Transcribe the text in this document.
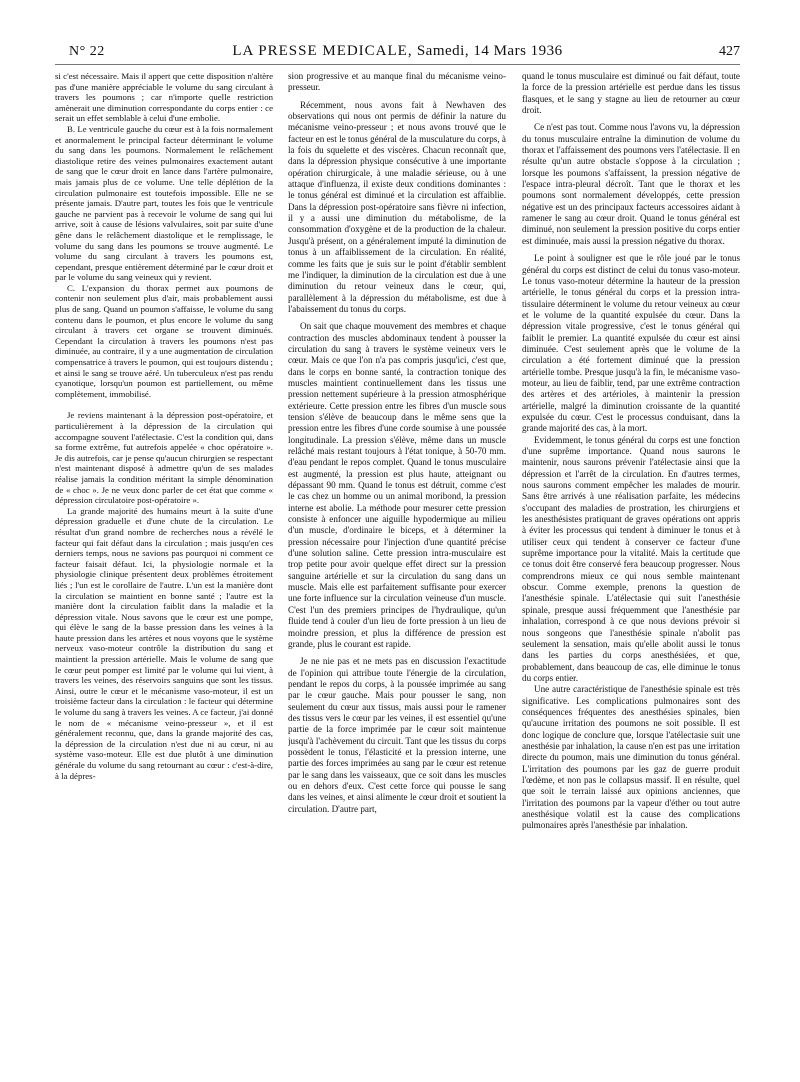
N° 22	LA PRESSE MEDICALE, Samedi, 14 Mars 1936	427

si c'est nécessaire. Mais il appert que cette disposition n'altère pas d'une manière appréciable le volume du sang circulant à travers les poumons ; car n'importe quelle restriction amènerait une diminution correspondante du corps entier : ce serait un effet semblable à celui d'une embolie.

B. Le ventricule gauche du cœur est à la fois normalement et anormalement le principal facteur déterminant le volume du sang dans les poumons. Normalement le relâchement diastolique retire des veines pulmonaires exactement autant de sang que le cœur droit en lance dans l'artère pulmonaire, mais jamais plus de ce volume. Une telle déplétion de la circulation pulmonaire est toutefois impossible. Elle ne se présente jamais. D'autre part, toutes les fois que le ventricule gauche ne parvient pas à recevoir le volume de sang qui lui arrive, soit à cause de lésions valvulaires, soit par suite d'une gêne dans le relâchement diastolique et le remplissage, le volume du sang dans les poumons se trouve augmenté. Le volume du sang circulant à travers les poumons est, cependant, presque entièrement déterminé par le cœur droit et par le volume du sang veineux qui y revient.

C. L'expansion du thorax permet aux poumons de contenir non seulement plus d'air, mais probablement aussi plus de sang. Quand un poumon s'affaisse, le volume du sang contenu dans le poumon, et plus encore le volume du sang circulant à travers cet organe se trouvent diminués. Cependant la circulation à travers les poumons n'est pas diminuée, au contraire, il y a une augmentation de circulation compensatrice à travers le poumon, qui est toujours distendu ; et ainsi le sang se trouve aéré. Un tuberculeux n'est pas rendu cyanotique, lorsqu'un poumon est partiellement, ou même complètement, immobilisé.

Je reviens maintenant à la dépression post-opératoire, et particulièrement à la dépression de la circulation qui accompagne souvent l'atélectasie. C'est la condition qui, dans sa forme extrême, fut autrefois appelée « choc opératoire ». Je dis autrefois, car je pense qu'aucun chirurgien se respectant n'est maintenant disposé à admettre qu'un de ses malades réalise jamais la condition méritant la simple dénomination de « choc ». Je ne veux donc parler de cet état que comme « dépression circulatoire post-opératoire ».

La grande majorité des humains meurt à la suite d'une dépression graduelle et d'une chute de la circulation. Le résultat d'un grand nombre de recherches nous a révélé le facteur qui fait défaut dans la circulation ; mais jusqu'en ces derniers temps, nous ne savions pas pourquoi ni comment ce facteur faisait défaut. Ici, la physiologie normale et la physiologie clinique présentent deux problèmes étroitement liés ; l'un est le corollaire de l'autre. L'un est la manière dont la circulation se maintient en bonne santé ; l'autre est la manière dont la circulation faiblit dans la maladie et la dépression vitale. Nous savons que le cœur est une pompe, qui élève le sang de la basse pression dans les veines à la haute pression dans les artères et nous voyons que le système nerveux vaso-moteur contrôle la distribution du sang et maintient la pression artérielle. Mais le volume de sang que le cœur peut pomper est limité par le volume qui lui vient, à travers les veines, des réservoirs sanguins que sont les tissus. Ainsi, outre le cœur et le mécanisme vaso-moteur, il est un troisième facteur dans la circulation : le facteur qui détermine le volume du sang à travers les veines. A ce facteur, j'ai donné le nom de « mécanisme veino-presseur », et il est généralement reconnu, que, dans la grande majorité des cas, la dépression de la circulation n'est due ni au cœur, ni au système vaso-moteur. Elle est due plutôt à une diminution générale du volume du sang retournant au cœur : c'est-à-dire, à la dépres-

sion progressive et au manque final du mécanisme veino-presseur.

Récemment, nous avons fait à Newhaven des observations qui nous ont permis de définir la nature du mécanisme veino-presseur ; et nous avons trouvé que le facteur en est le tonus général de la musculature du corps, à la fois du squelette et des viscères. Chacun reconnaît que, dans la dépression physique consécutive à une importante opération chirurgicale, à une maladie sérieuse, ou à une attaque d'influenza, il existe deux conditions dominantes : le tonus général est diminué et la circulation est affaiblie. Dans la dépression post-opératoire sans fièvre ni infection, il y a aussi une diminution du métabolisme, de la consommation d'oxygène et de la production de la chaleur. Jusqu'à présent, on a généralement imputé la diminution de tonus à un affaiblissement de la circulation. En réalité, comme les faits que je suis sur le point d'établir semblent me l'indiquer, la diminution de la circulation est due à une diminution du retour veineux dans le cœur, qui, parallèlement à la dépression du métabolisme, est due à l'abaissement du tonus du corps.

On sait que chaque mouvement des membres et chaque contraction des muscles abdominaux tendent à pousser la circulation du sang à travers le système veineux vers le cœur. Mais ce que l'on n'a pas compris jusqu'ici, c'est que, dans le corps en bonne santé, la contraction tonique des muscles maintient continuellement dans les tissus une pression nettement supérieure à la pression atmosphérique extérieure. Cette pression entre les fibres d'un muscle sous tension s'élève de beaucoup dans le même sens que la pression entre les fibres d'une corde soumise à une poussée longitudinale. La pression s'élève, même dans un muscle relâché mais restant toujours à l'état tonique, à 50-70 mm. d'eau pendant le repos complet. Quand le tonus musculaire est augmenté, la pression est plus haute, atteignant ou dépassant 90 mm. Quand le tonus est détruit, comme c'est le cas chez un homme ou un animal moribond, la pression interne est abolie. La méthode pour mesurer cette pression consiste à enfoncer une aiguille hypodermique au milieu d'un muscle, d'ordinaire le biceps, et à déterminer la pression nécessaire pour l'injection d'une quantité précise d'une solution saline. Cette pression intra-musculaire est trop petite pour avoir quelque effet direct sur la pression sanguine artérielle et sur la circulation du sang dans un muscle. Mais elle est parfaitement suffisante pour exercer une forte influence sur la circulation veineuse d'un muscle. C'est l'un des premiers principes de l'hydraulique, qu'un fluide tend à couler d'un lieu de forte pression à un lieu de moindre pression, et plus la différence de pression est grande, plus le courant est rapide.

Je ne nie pas et ne mets pas en discussion l'exactitude de l'opinion qui attribue toute l'énergie de la circulation, pendant le repos du corps, à la poussée imprimée au sang par le cœur gauche. Mais pour pousser le sang, non seulement du cœur aux tissus, mais aussi pour le ramener des tissus vers le cœur par les veines, il est essentiel qu'une partie de la force imprimée par le cœur soit maintenue jusqu'à l'achèvement du circuit. Tant que les tissus du corps possèdent le tonus, l'élasticité et la pression interne, une partie des forces imprimées au sang par le cœur est retenue par le sang dans les vaisseaux, que ce soit dans les muscles ou en dehors d'eux. C'est cette force qui pousse le sang dans les veines, et ainsi alimente le cœur droit et soutient la circulation. D'autre part,

quand le tonus musculaire est diminué ou fait défaut, toute la force de la pression artérielle est perdue dans les tissus flasques, et le sang y stagne au lieu de retourner au cœur droit.

Ce n'est pas tout. Comme nous l'avons vu, la dépression du tonus musculaire entraîne la diminution de volume du thorax et l'affaissement des poumons vers l'atélectasie. Il en résulte qu'un autre obstacle s'oppose à la circulation ; lorsque les poumons s'affaissent, la pression négative de l'espace intra-pleural décroît. Tant que le thorax et les poumons sont normalement développés, cette pression négative est un des principaux facteurs accessoires aidant à ramener le sang au cœur droit. Quand le tonus général est diminué, non seulement la pression positive du corps entier est diminuée, mais aussi la pression négative du thorax.

Le point à souligner est que le rôle joué par le tonus général du corps est distinct de celui du tonus vaso-moteur. Le tonus vaso-moteur détermine la hauteur de la pression artérielle, le tonus général du corps et la pression intra-tissulaire déterminent le volume du retour veineux au cœur et le volume de la quantité expulsée du cœur. Dans la dépression vitale progressive, c'est le tonus général qui faiblit le premier. La quantité expulsée du cœur est ainsi diminuée. C'est seulement après que le volume de la circulation a été fortement diminué que la pression artérielle tombe. Presque jusqu'à la fin, le mécanisme vaso-moteur, au lieu de faiblir, tend, par une extrême contraction des artères et des artérioles, à maintenir la pression artérielle, malgré la diminution croissante de la quantité expulsée du cœur. C'est le processus conduisant, dans la grande majorité des cas, à la mort.

Evidemment, le tonus général du corps est une fonction d'une suprême importance. Quand nous saurons le maintenir, nous saurons prévenir l'atélectasie ainsi que la dépression et l'arrêt de la circulation. En d'autres termes, nous saurons comment empêcher les malades de mourir. Sans être arrivés à une réalisation parfaite, les médecins s'occupant des maladies de prostration, les chirurgiens et les anesthésistes pratiquant de graves opérations ont appris à éviter les processus qui tendent à diminuer le tonus et à utiliser ceux qui tendent à conserver ce facteur d'une suprême importance pour la vitalité. Mais la certitude que ce tonus doit être conservé fera beaucoup progresser. Nous comprendrons mieux ce qui nous semble maintenant obscur. Comme exemple, prenons la question de l'anesthésie spinale. L'atélectasie qui suit l'anesthésie spinale, presque aussi fréquemment que l'anesthésie par inhalation, correspond à ce que nous devions prévoir si nous songeons que l'anesthésie spinale n'abolit pas seulement la sensation, mais qu'elle abolit aussi le tonus dans les parties du corps anesthésiées, et que, probablement, dans beaucoup de cas, elle diminue le tonus du corps entier.

Une autre caractéristique de l'anesthésie spinale est très significative. Les complications pulmonaires sont des conséquences fréquentes des anesthésies spinales, bien qu'aucune irritation des poumons ne soit possible. Il est donc logique de conclure que, lorsque l'atélectasie suit une anesthésie par inhalation, la cause n'en est pas une irritation directe du poumon, mais une diminution du tonus général. L'irritation des poumons par les gaz de guerre produit l'œdème, et non pas le collapsus massif. Il en résulte, quel que soit le terrain laissé aux opinions anciennes, que l'irritation des poumons par la vapeur d'éther ou tout autre anesthésique volatil est la cause des complications pulmonaires après l'anesthésie par inhalation.
